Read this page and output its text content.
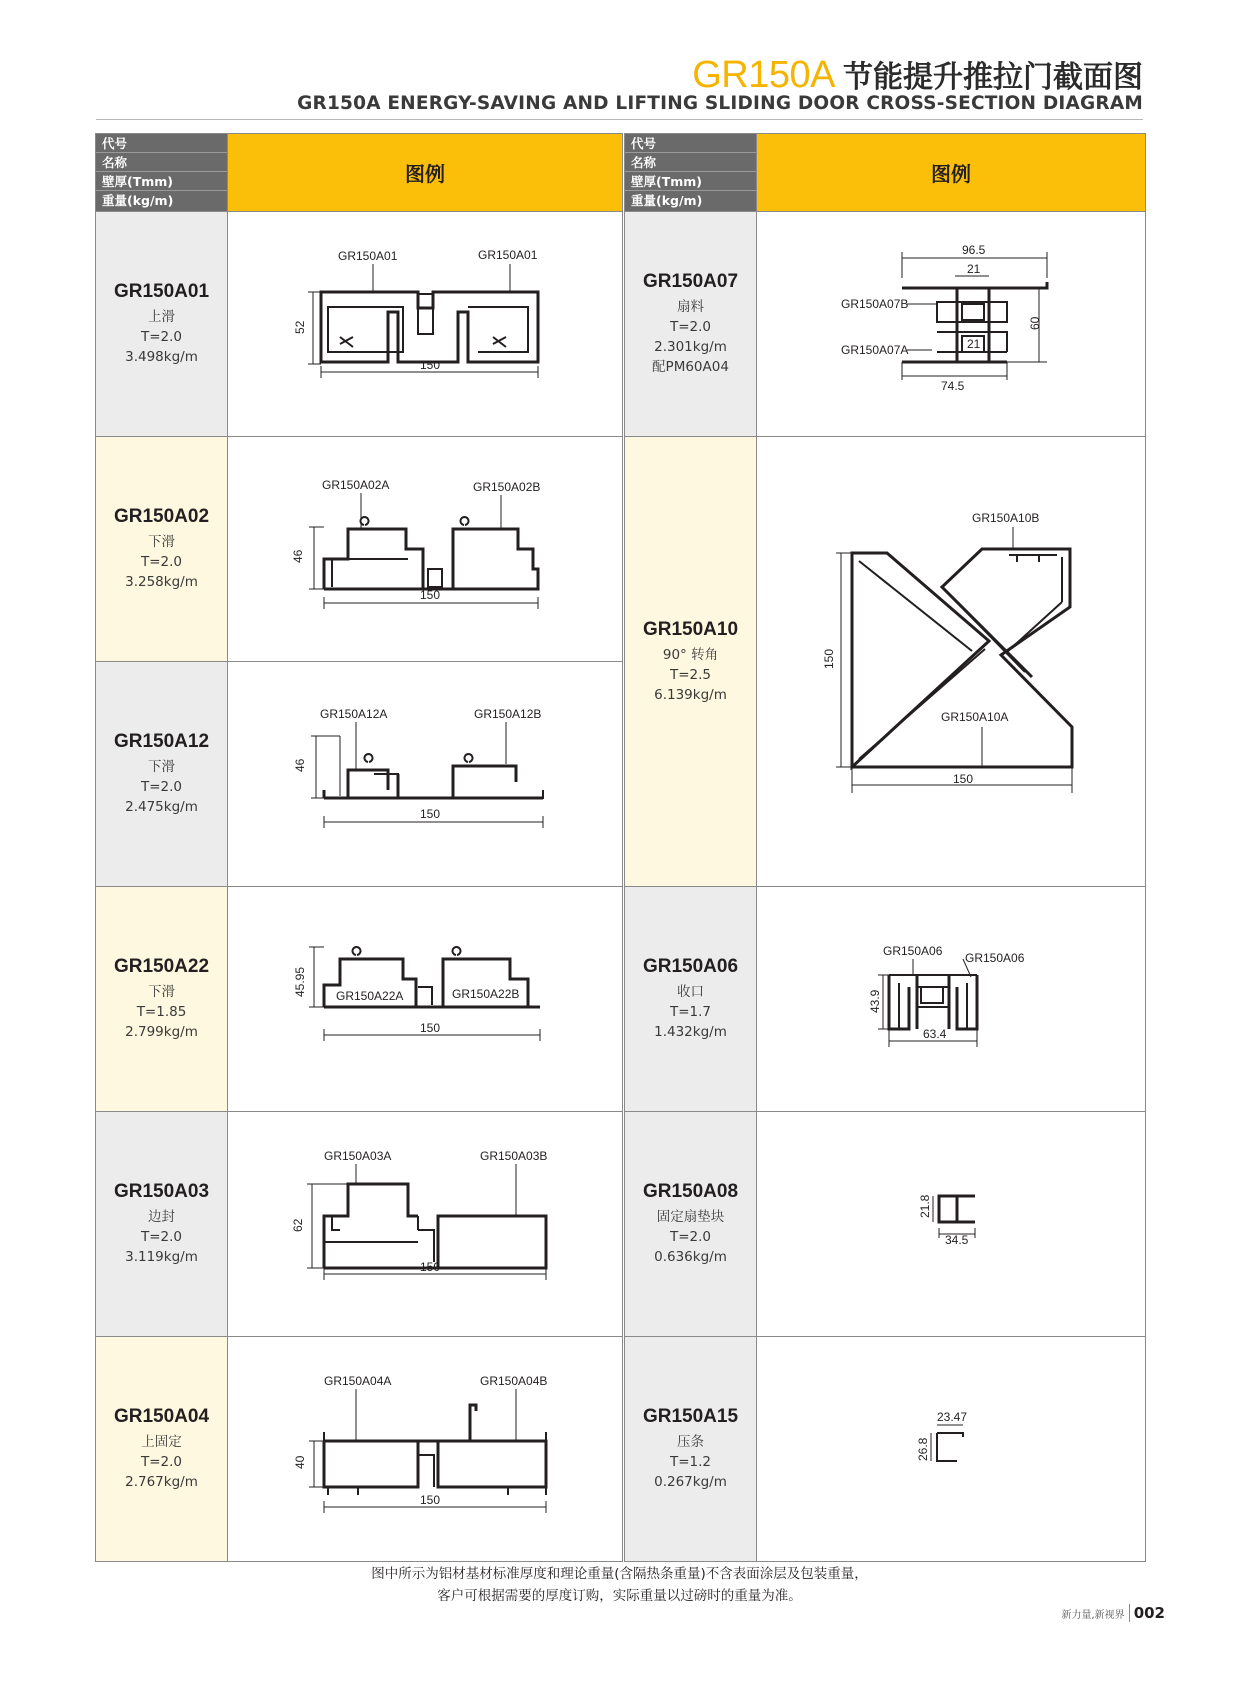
GR150A 节能提升推拉门截面图
GR150A ENERGY-SAVING AND LIFTING SLIDING DOOR CROSS-SECTION DIAGRAM
代号
名称
壁厚(Tmm)
重量(kg/m)
图例
GR150A01
上滑
T=2.0
3.498kg/m
GR150A01	GR150A01
52
150
GR150A02
下滑
T=2.0
3.258kg/m
GR150A02A	GR150A02B
46
150
GR150A12
下滑
T=2.0
2.475kg/m
GR150A12A	GR150A12B
46
150
GR150A22
下滑
T=1.85
2.799kg/m
GR150A22A	GR150A22B
45.95
150
GR150A03
边封
T=2.0
3.119kg/m
GR150A03A	GR150A03B
62
150
GR150A04
上固定
T=2.0
2.767kg/m
GR150A04A	GR150A04B
40
150
代号
名称
壁厚(Tmm)
重量(kg/m)
图例
GR150A07
扇料
T=2.0
2.301kg/m
配PM60A04
96.5
21
74.5
21
60
GR150A07B
GR150A07A
GR150A10
90° 转角
T=2.5
6.139kg/m
GR150A10B
GR150A10A
150
150
GR150A06
收口
T=1.7
1.432kg/m
GR150A06 GR150A06
43.9
63.4
GR150A08
固定扇垫块
T=2.0
0.636kg/m
21.8
34.5
GR150A15
压条
T=1.2
0.267kg/m
23.47
26.8
图中所示为铝材基材标准厚度和理论重量(含隔热条重量)不含表面涂层及包装重量，
客户可根据需要的厚度订购，实际重量以过磅时的重量为准。
新力量,新视界 002
